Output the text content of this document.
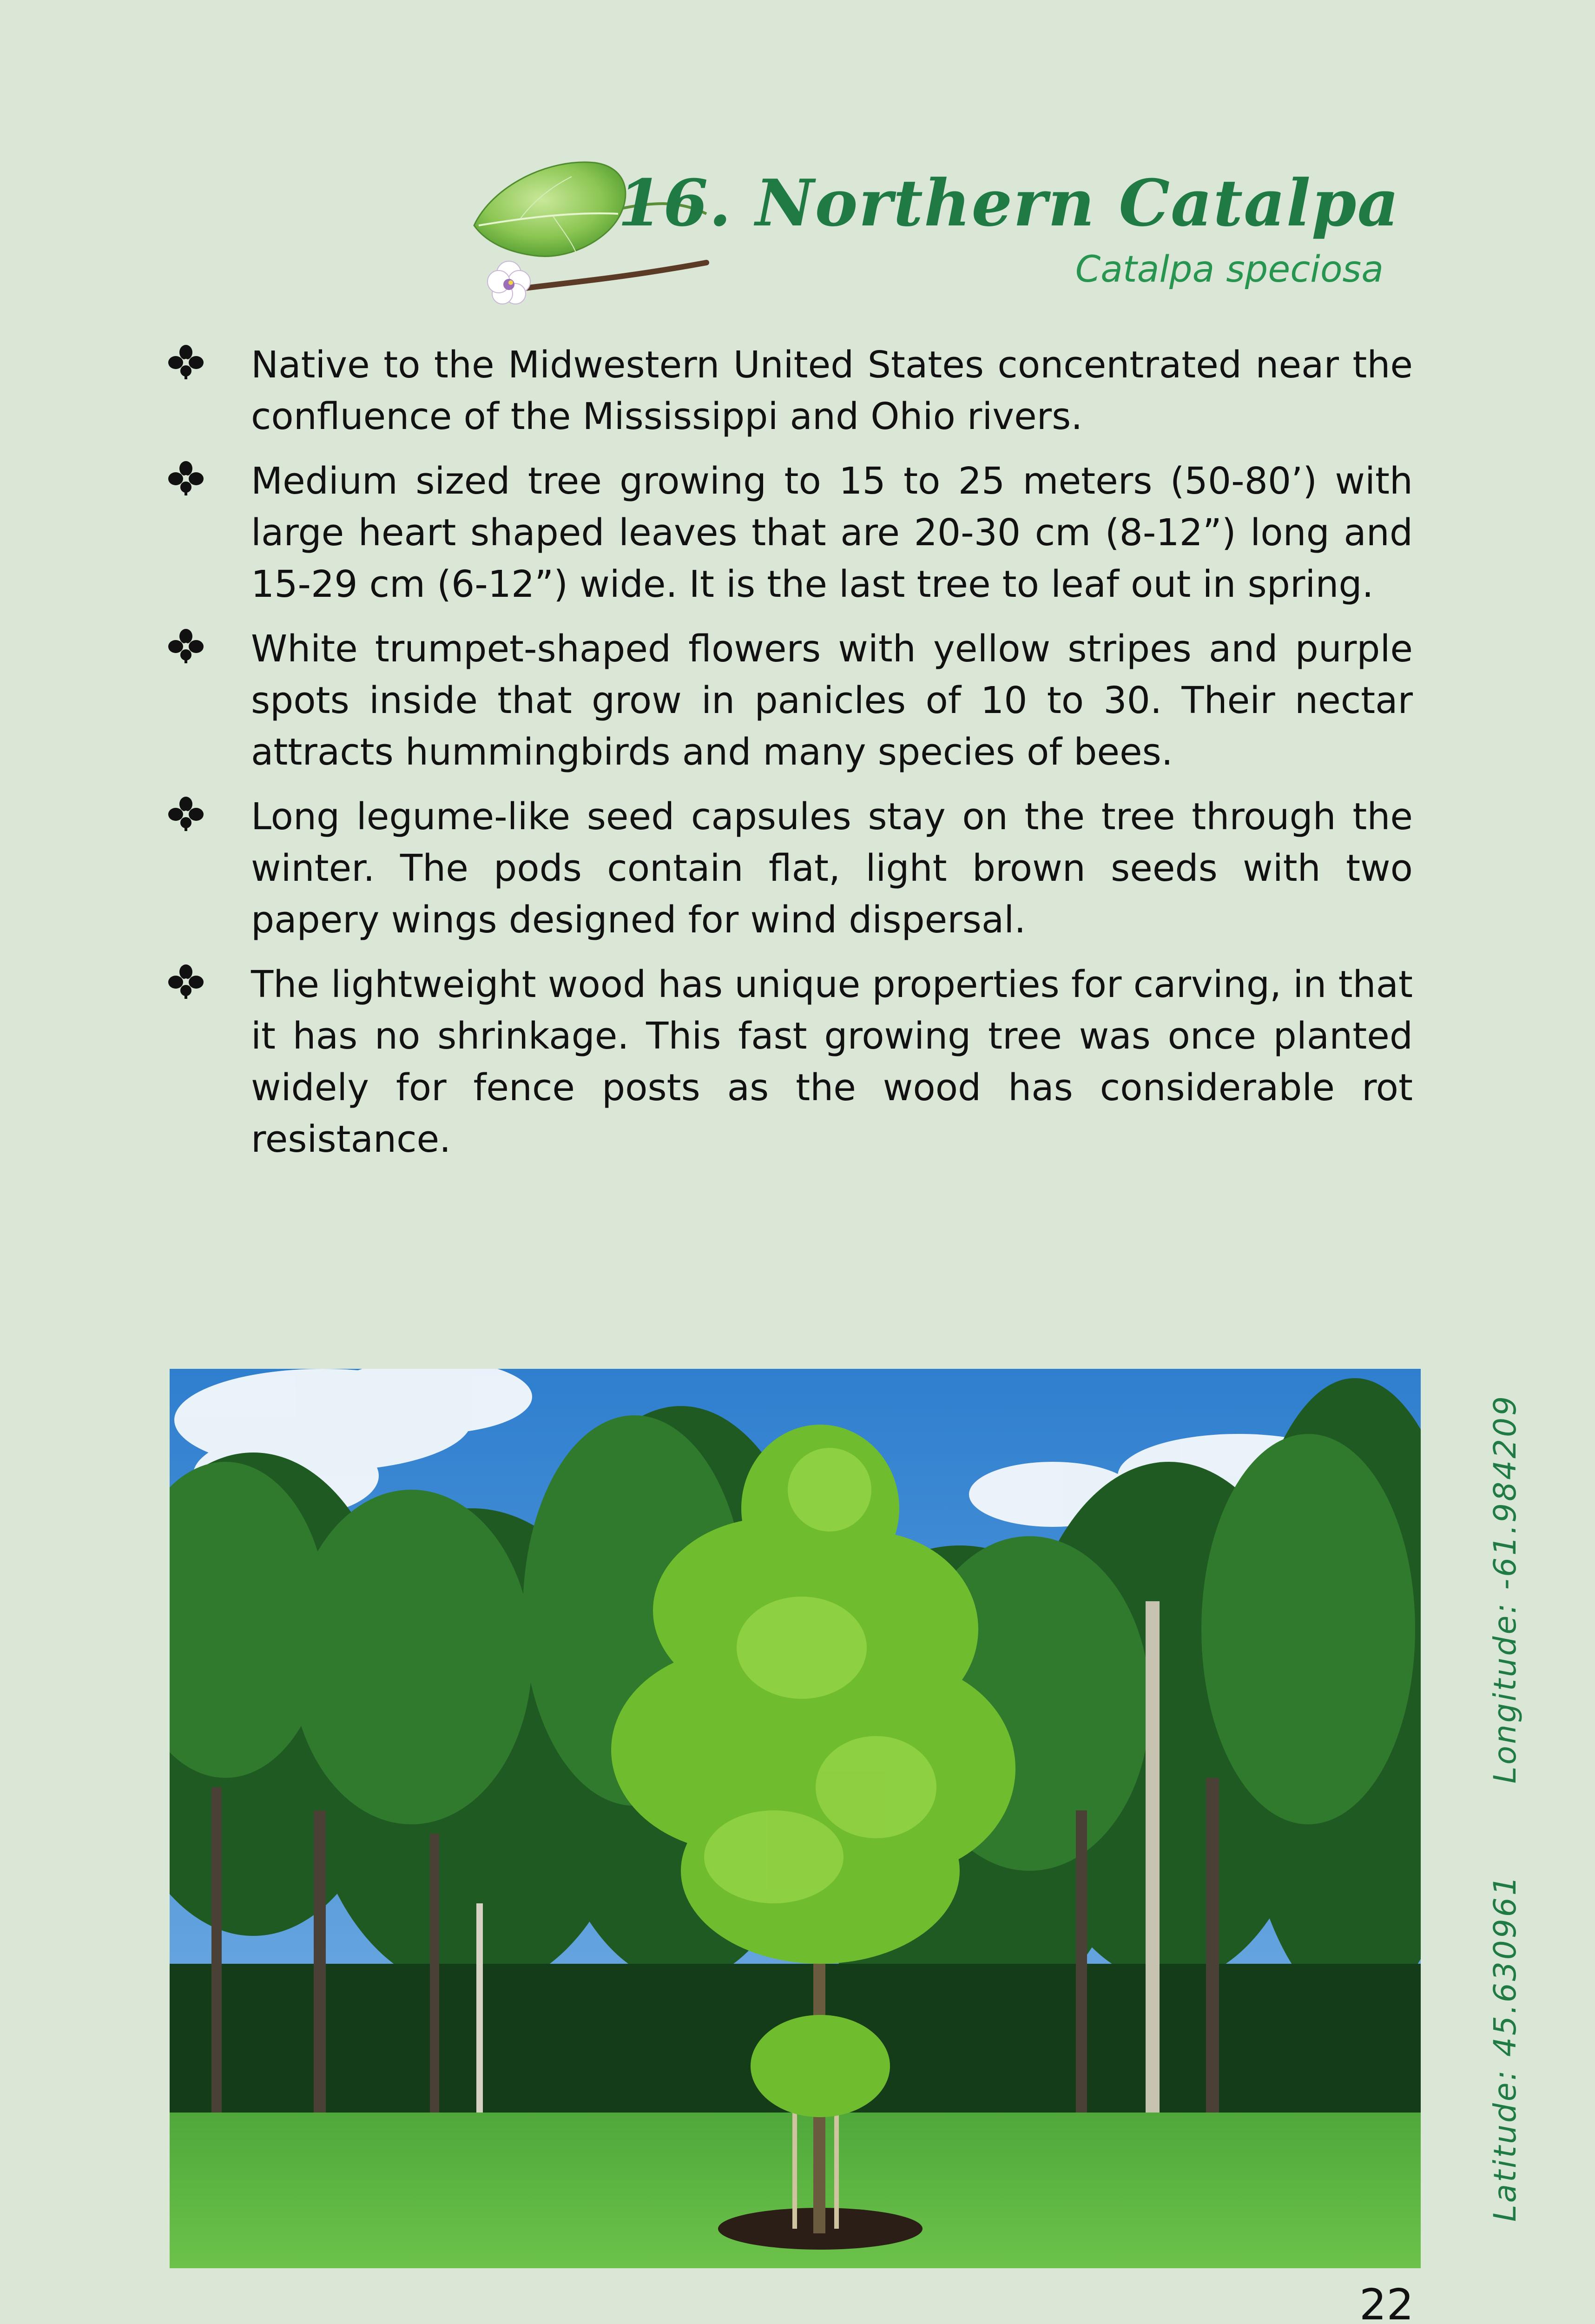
16. Northern Catalpa
Catalpa speciosa
Native to the Midwestern United States concentrated near the confluence of the Mississippi and Ohio rivers.
Medium sized tree growing to 15 to 25 meters (50-80’) with large heart shaped leaves that are 20-30 cm (8-12”) long and 15-29 cm (6-12”) wide. It is the last tree to leaf out in spring.
White trumpet-shaped flowers with yellow stripes and purple spots inside that grow in panicles of 10 to 30. Their nectar attracts hummingbirds and many species of bees.
Long legume-like seed capsules stay on the tree through the winter. The pods contain flat, light brown seeds with two papery wings designed for wind dispersal.
The lightweight wood has unique properties for carving, in that it has no shrinkage. This fast growing tree was once planted widely for fence posts as the wood has considerable rot resistance.
Latitude: 45.630961 Longitude: -61.984209
22
